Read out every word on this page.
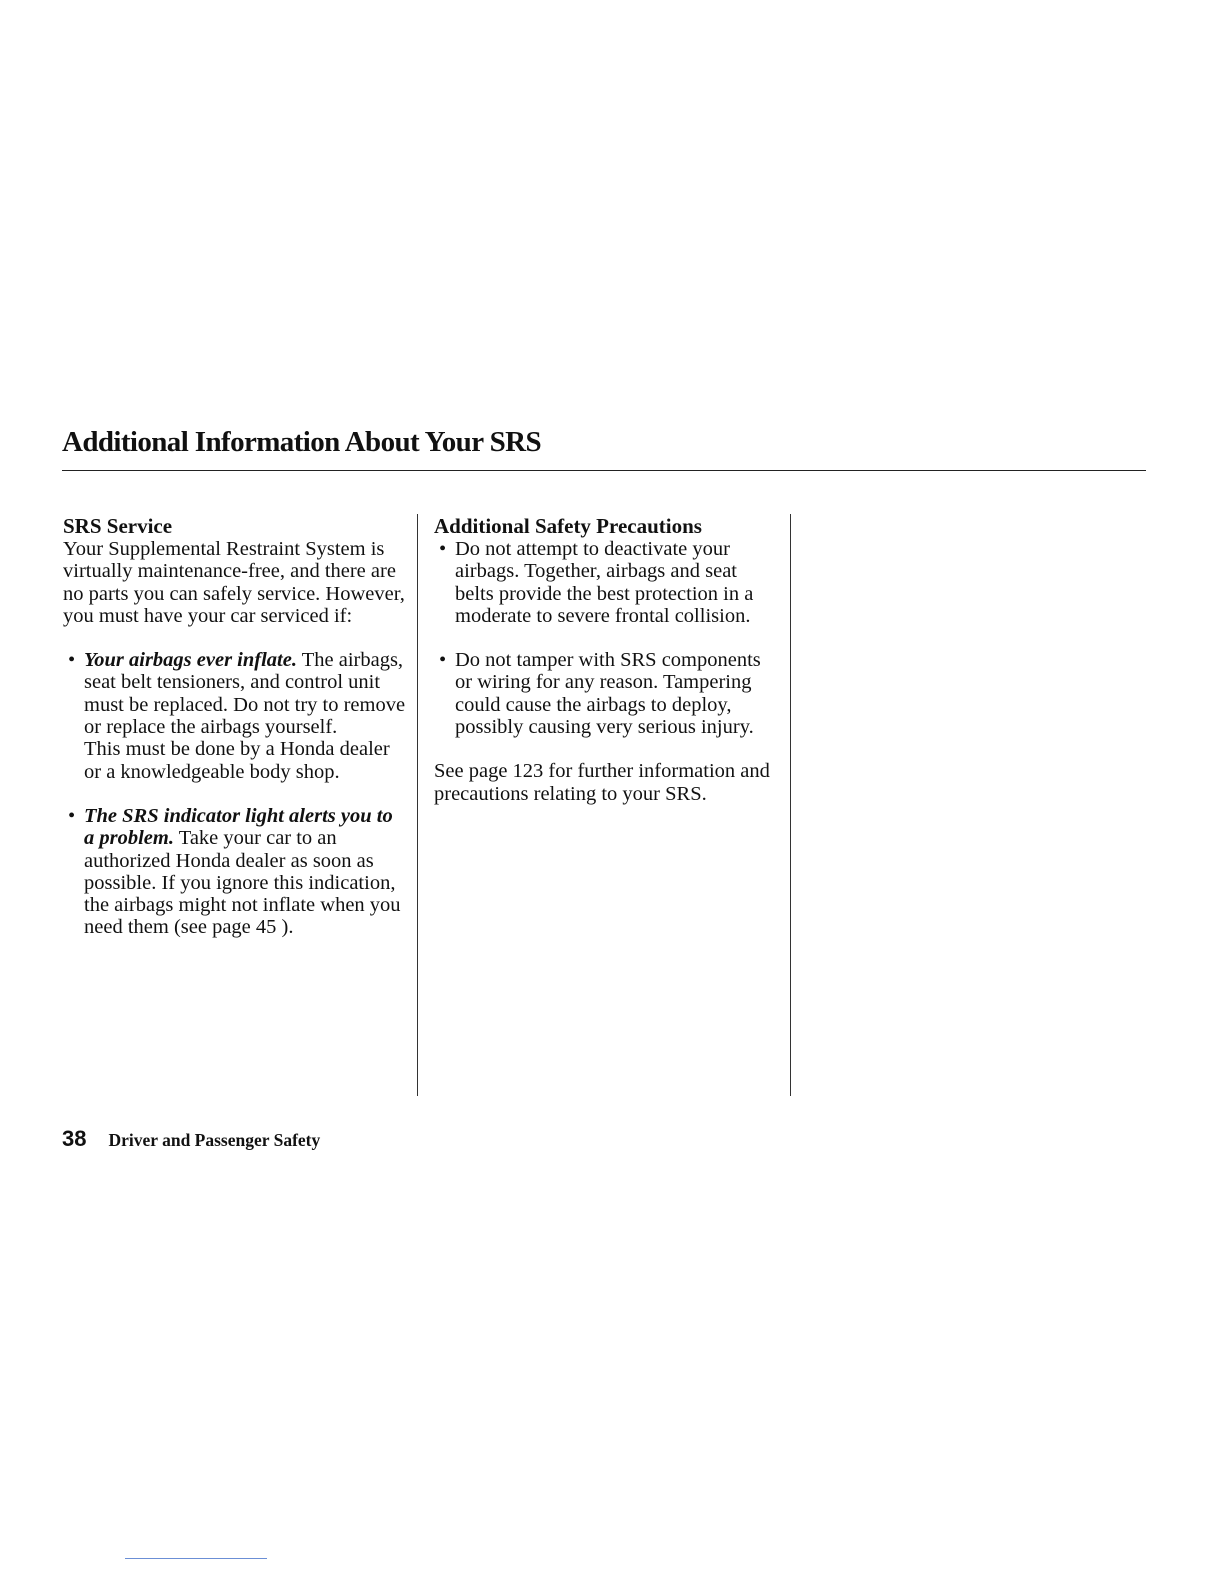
Additional Information About Your SRS
SRS Service

Your Supplemental Restraint System is virtually maintenance-free, and there are no parts you can safely service. However, you must have your car serviced if:

• Your airbags ever inflate. The airbags, seat belt tensioners, and control unit must be replaced. Do not try to remove or replace the airbags yourself.

This must be done by a Honda dealer or a knowledgeable body shop.

• The SRS indicator light alerts you to a problem. Take your car to an authorized Honda dealer as soon as possible. If you ignore this indication, the airbags might not inflate when you need them (see page 45 ).

Additional Safety Precautions
• Do not attempt to deactivate your airbags. Together, airbags and seat belts provide the best protection in a moderate to severe frontal collision.

• Do not tamper with SRS components or wiring for any reason. Tampering could cause the airbags to deploy, possibly causing very serious injury.

See page 123 for further information and precautions relating to your SRS.

38 Driver and Passenger Safety
